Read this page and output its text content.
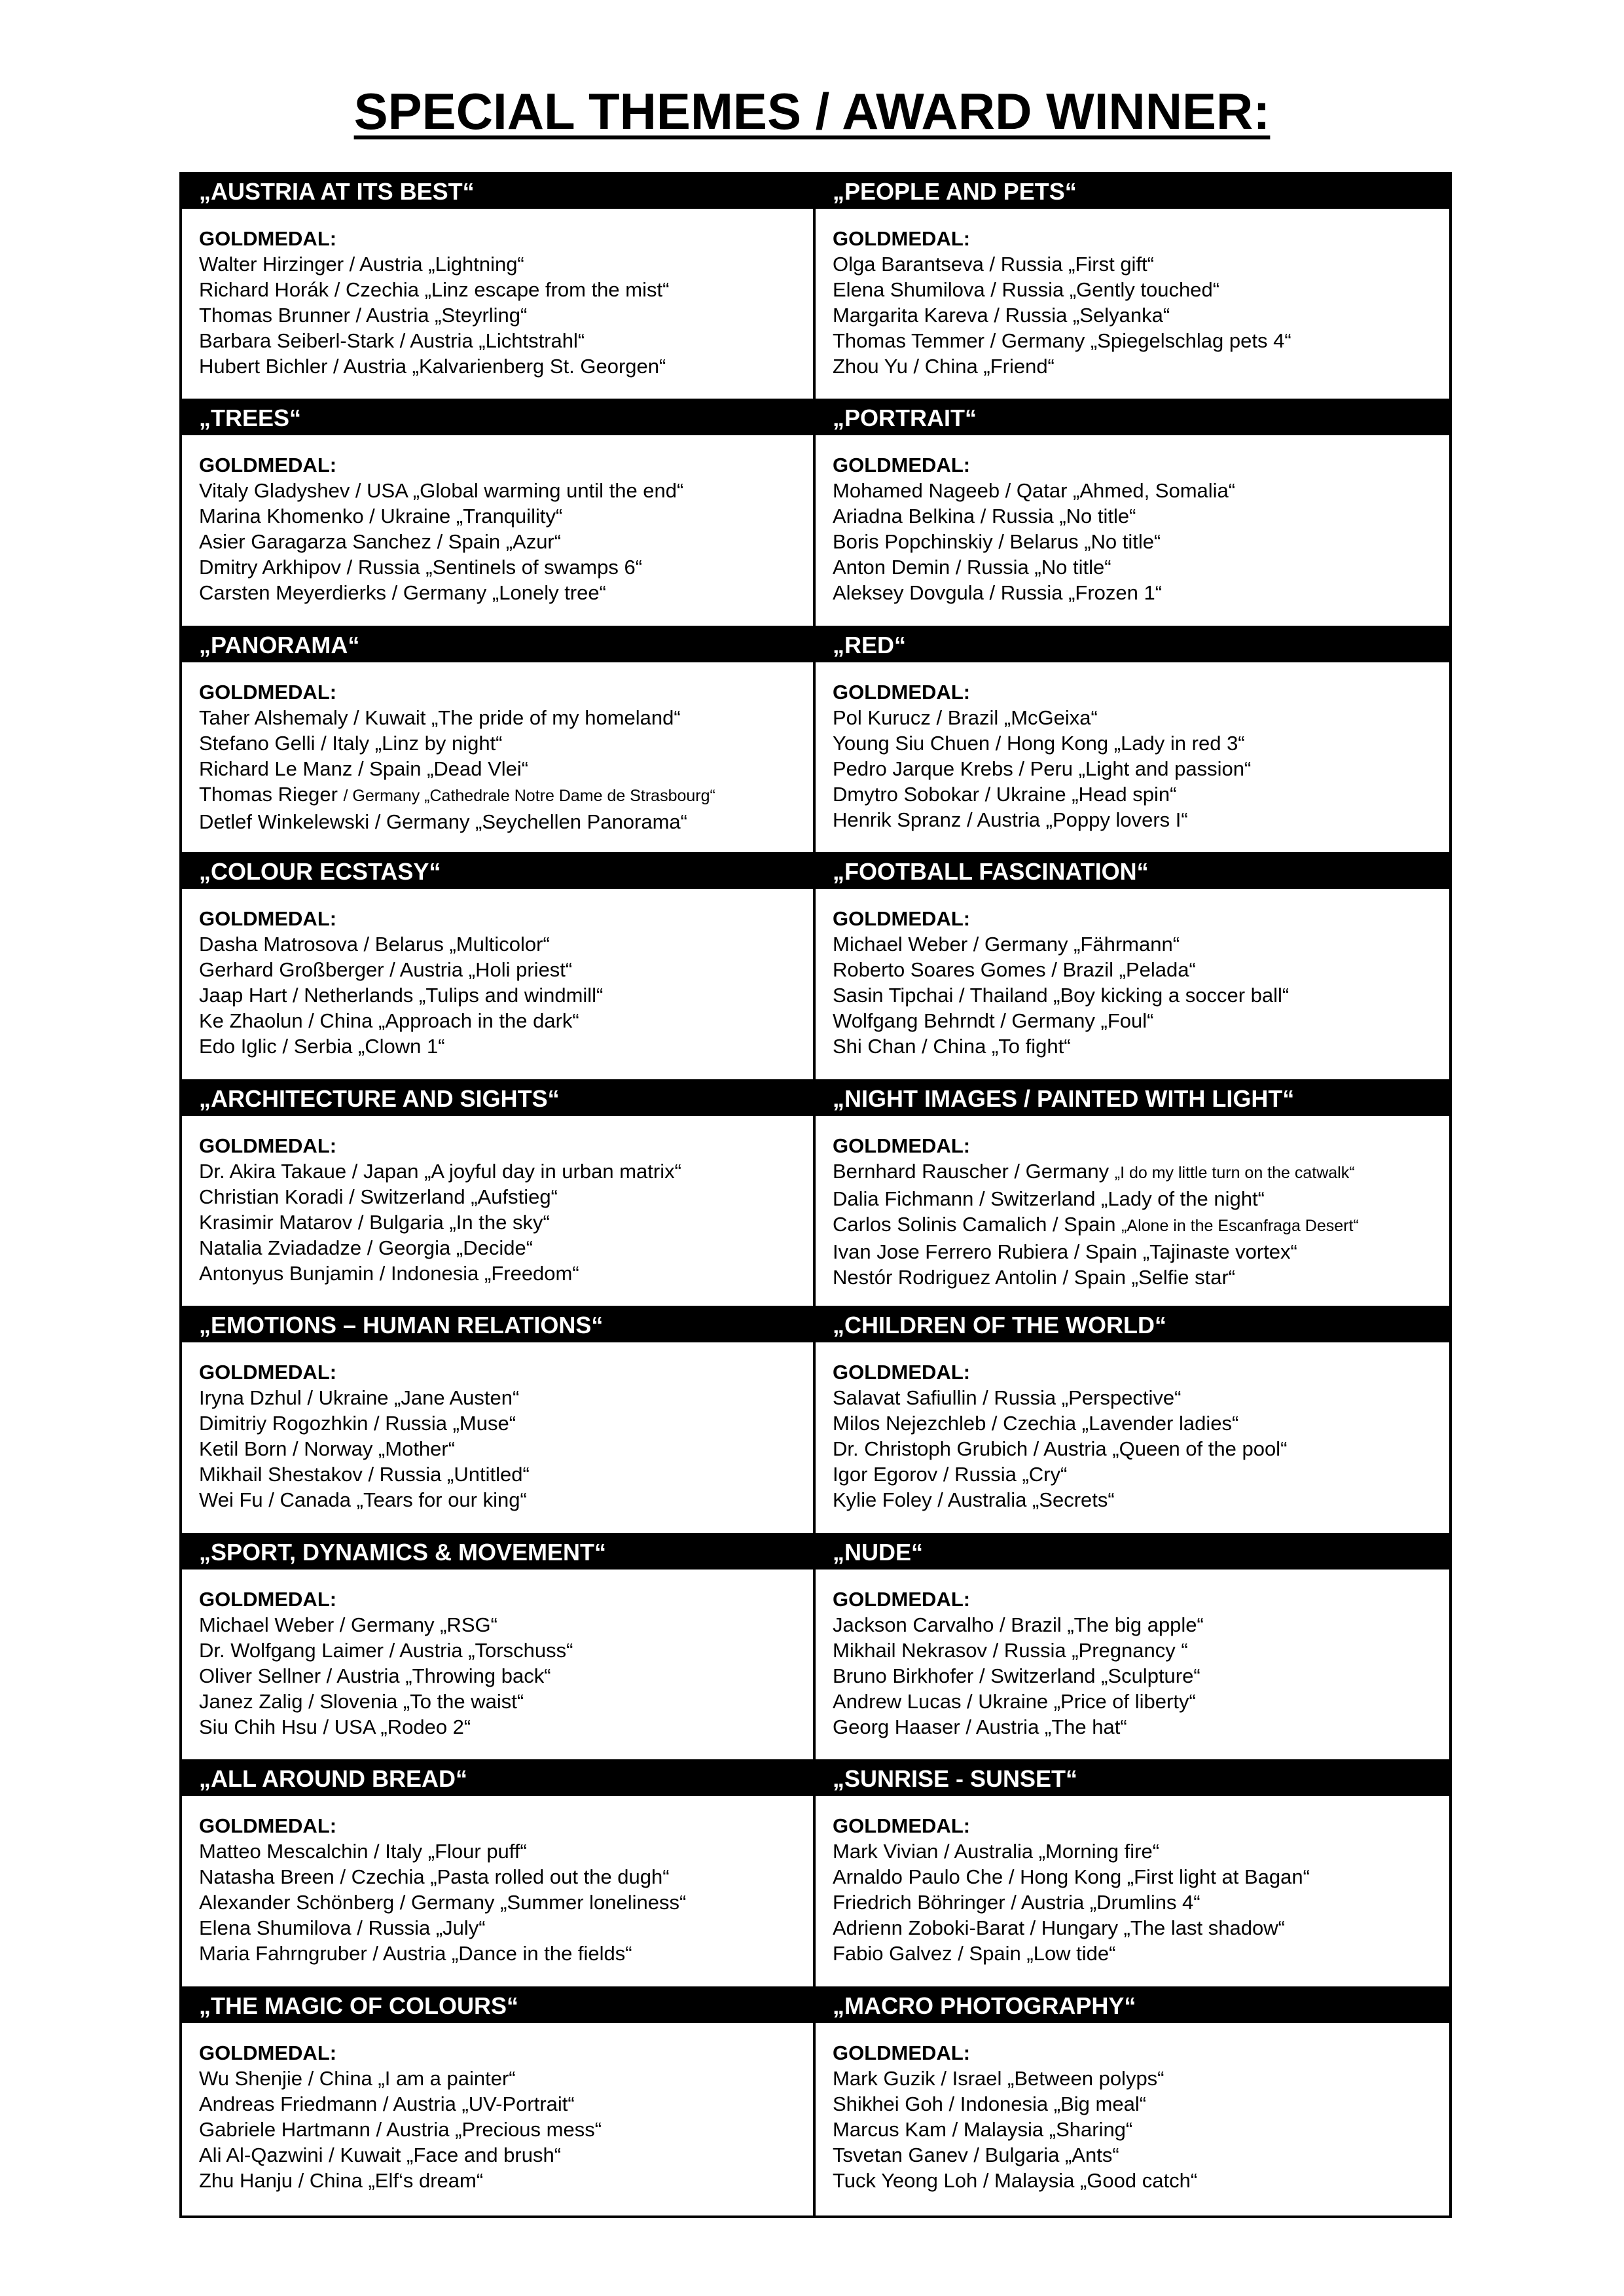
SPECIAL THEMES / AWARD WINNER:
„AUSTRIA AT ITS BEST“
GOLDMEDAL:
Walter Hirzinger / Austria „Lightning“
Richard Horák / Czechia „Linz escape from the mist“
Thomas Brunner / Austria „Steyrling“
Barbara Seiberl-Stark / Austria „Lichtstrahl“
Hubert Bichler / Austria „Kalvarienberg St. Georgen“
„PEOPLE AND PETS“
GOLDMEDAL:
Olga Barantseva / Russia „First gift“
Elena Shumilova / Russia „Gently touched“
Margarita Kareva / Russia „Selyanka“
Thomas Temmer / Germany „Spiegelschlag pets 4“
Zhou Yu / China „Friend“
„TREES“
GOLDMEDAL:
Vitaly Gladyshev / USA „Global warming until the end“
Marina Khomenko / Ukraine „Tranquility“
Asier Garagarza Sanchez / Spain „Azur“
Dmitry Arkhipov / Russia „Sentinels of swamps 6“
Carsten Meyerdierks / Germany „Lonely tree“
„PORTRAIT“
GOLDMEDAL:
Mohamed Nageeb / Qatar „Ahmed, Somalia“
Ariadna Belkina / Russia „No title“
Boris Popchinskiy / Belarus „No title“
Anton Demin / Russia „No title“
Aleksey Dovgula / Russia „Frozen 1“
„PANORAMA“
GOLDMEDAL:
Taher Alshemaly / Kuwait „The pride of my homeland“
Stefano Gelli / Italy „Linz by night“
Richard Le Manz / Spain „Dead Vlei“
Thomas Rieger / Germany „Cathedrale Notre Dame de Strasbourg“
Detlef Winkelewski / Germany „Seychellen Panorama“
„RED“
GOLDMEDAL:
Pol Kurucz / Brazil „McGeixa“
Young Siu Chuen / Hong Kong „Lady in red 3“
Pedro Jarque Krebs / Peru „Light and passion“
Dmytro Sobokar / Ukraine „Head spin“
Henrik Spranz / Austria „Poppy lovers I“
„COLOUR ECSTASY“
GOLDMEDAL:
Dasha Matrosova / Belarus „Multicolor“
Gerhard Großberger / Austria „Holi priest“
Jaap Hart / Netherlands „Tulips and windmill“
Ke Zhaolun / China „Approach in the dark“
Edo Iglic / Serbia „Clown 1“
„FOOTBALL FASCINATION“
GOLDMEDAL:
Michael Weber / Germany „Fährmann“
Roberto Soares Gomes / Brazil „Pelada“
Sasin Tipchai / Thailand „Boy kicking a soccer ball“
Wolfgang Behrndt / Germany „Foul“
Shi Chan / China „To fight“
„ARCHITECTURE AND SIGHTS“
GOLDMEDAL:
Dr. Akira Takaue / Japan „A joyful day in urban matrix“
Christian Koradi / Switzerland „Aufstieg“
Krasimir Matarov / Bulgaria „In the sky“
Natalia Zviadadze / Georgia „Decide“
Antonyus Bunjamin / Indonesia „Freedom“
„NIGHT IMAGES / PAINTED WITH LIGHT“
GOLDMEDAL:
Bernhard Rauscher / Germany „I do my little turn on the catwalk“
Dalia Fichmann / Switzerland „Lady of the night“
Carlos Solinis Camalich / Spain „Alone in the Escanfraga Desert“
Ivan Jose Ferrero Rubiera / Spain „Tajinaste vortex“
Nestór Rodriguez Antolin / Spain „Selfie star“
„EMOTIONS – HUMAN RELATIONS“
GOLDMEDAL:
Iryna Dzhul / Ukraine „Jane Austen“
Dimitriy Rogozhkin / Russia „Muse“
Ketil Born / Norway „Mother“
Mikhail Shestakov / Russia „Untitled“
Wei Fu / Canada „Tears for our king“
„CHILDREN OF THE WORLD“
GOLDMEDAL:
Salavat Safiullin / Russia „Perspective“
Milos Nejezchleb / Czechia „Lavender ladies“
Dr. Christoph Grubich / Austria „Queen of the pool“
Igor Egorov / Russia „Cry“
Kylie Foley / Australia „Secrets“
„SPORT, DYNAMICS & MOVEMENT“
GOLDMEDAL:
Michael Weber / Germany „RSG“
Dr. Wolfgang Laimer / Austria „Torschuss“
Oliver Sellner / Austria „Throwing back“
Janez Zalig / Slovenia „To the waist“
Siu Chih Hsu / USA „Rodeo 2“
„NUDE“
GOLDMEDAL:
Jackson Carvalho / Brazil „The big apple“
Mikhail Nekrasov / Russia „Pregnancy “
Bruno Birkhofer / Switzerland „Sculpture“
Andrew Lucas / Ukraine „Price of liberty“
Georg Haaser / Austria „The hat“
„ALL AROUND BREAD“
GOLDMEDAL:
Matteo Mescalchin / Italy „Flour puff“
Natasha Breen / Czechia „Pasta rolled out the dugh“
Alexander Schönberg / Germany „Summer loneliness“
Elena Shumilova / Russia „July“
Maria Fahrngruber / Austria „Dance in the fields“
„SUNRISE - SUNSET“
GOLDMEDAL:
Mark Vivian / Australia „Morning fire“
Arnaldo Paulo Che / Hong Kong „First light at Bagan“
Friedrich Böhringer / Austria „Drumlins 4“
Adrienn Zoboki-Barat / Hungary „The last shadow“
Fabio Galvez / Spain „Low tide“
„THE MAGIC OF COLOURS“
GOLDMEDAL:
Wu Shenjie / China „I am a painter“
Andreas Friedmann / Austria „UV-Portrait“
Gabriele Hartmann / Austria „Precious mess“
Ali Al-Qazwini / Kuwait „Face and brush“
Zhu Hanju / China „Elf‘s dream“
„MACRO PHOTOGRAPHY“
GOLDMEDAL:
Mark Guzik / Israel „Between polyps“
Shikhei Goh / Indonesia „Big meal“
Marcus Kam / Malaysia „Sharing“
Tsvetan Ganev / Bulgaria „Ants“
Tuck Yeong Loh / Malaysia „Good catch“
